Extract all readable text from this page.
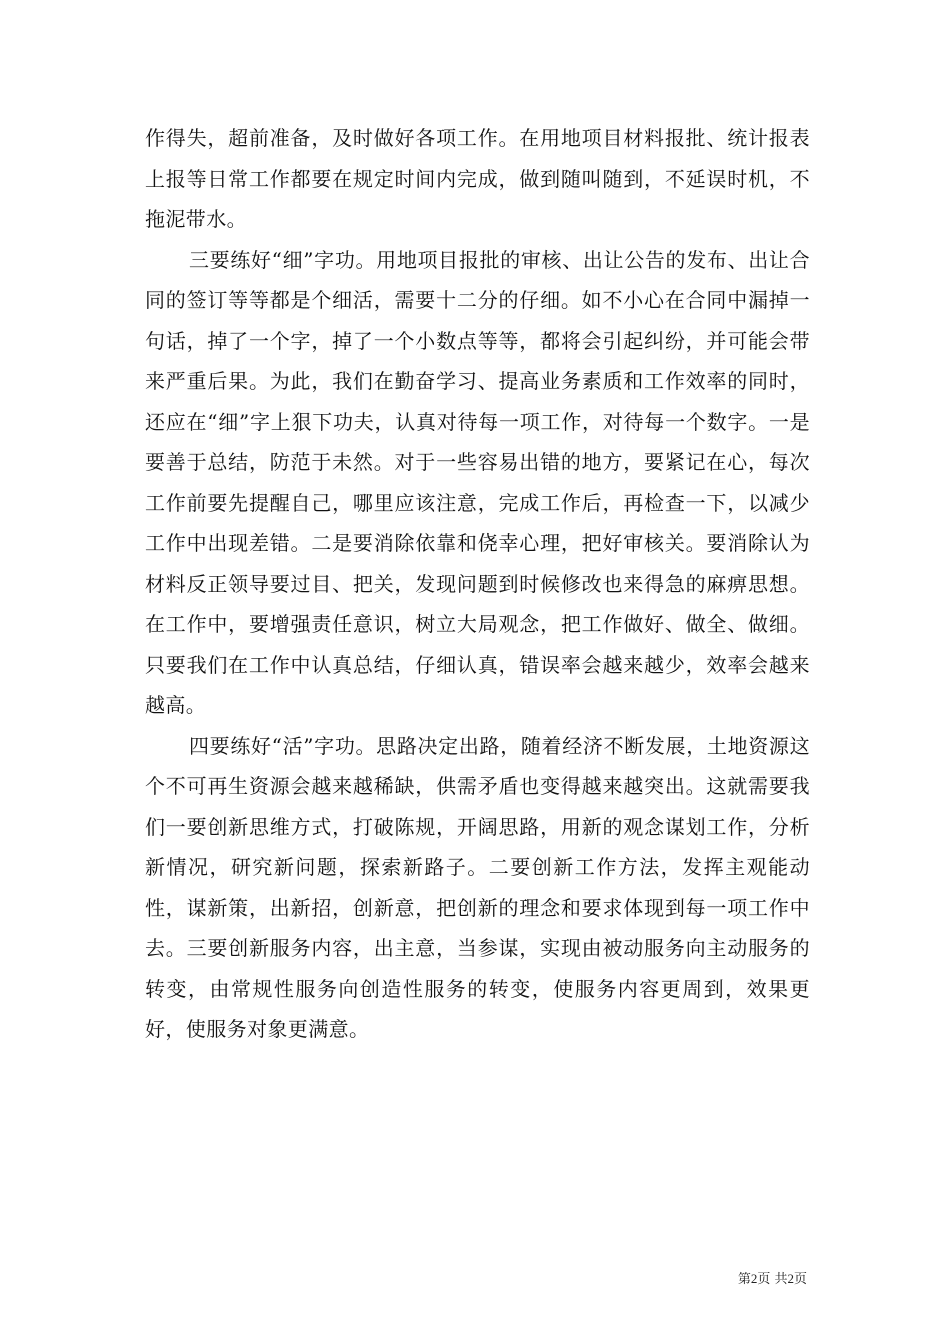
作得失，超前准备，及时做好各项工作。在用地项目材料报批、统计报表上报等日常工作都要在规定时间内完成，做到随叫随到，不延误时机，不拖泥带水。

三要练好“细”字功。用地项目报批的审核、出让公告的发布、出让合同的签订等等都是个细活，需要十二分的仔细。如不小心在合同中漏掉一句话，掉了一个字，掉了一个小数点等等，都将会引起纠纷，并可能会带来严重后果。为此，我们在勤奋学习、提高业务素质和工作效率的同时，还应在“细”字上狠下功夫，认真对待每一项工作，对待每一个数字。一是要善于总结，防范于未然。对于一些容易出错的地方，要紧记在心，每次工作前要先提醒自己，哪里应该注意，完成工作后，再检查一下，以减少工作中出现差错。二是要消除依靠和侥幸心理，把好审核关。要消除认为材料反正领导要过目、把关，发现问题到时候修改也来得急的麻痹思想。在工作中，要增强责任意识，树立大局观念，把工作做好、做全、做细。只要我们在工作中认真总结，仔细认真，错误率会越来越少，效率会越来越高。

四要练好“活”字功。思路决定出路，随着经济不断发展，土地资源这个不可再生资源会越来越稀缺，供需矛盾也变得越来越突出。这就需要我们一要创新思维方式，打破陈规，开阔思路，用新的观念谋划工作，分析新情况，研究新问题，探索新路子。二要创新工作方法，发挥主观能动性，谋新策，出新招，创新意，把创新的理念和要求体现到每一项工作中去。三要创新服务内容，出主意，当参谋，实现由被动服务向主动服务的转变，由常规性服务向创造性服务的转变，使服务内容更周到，效果更好，使服务对象更满意。

第2页 共2页
